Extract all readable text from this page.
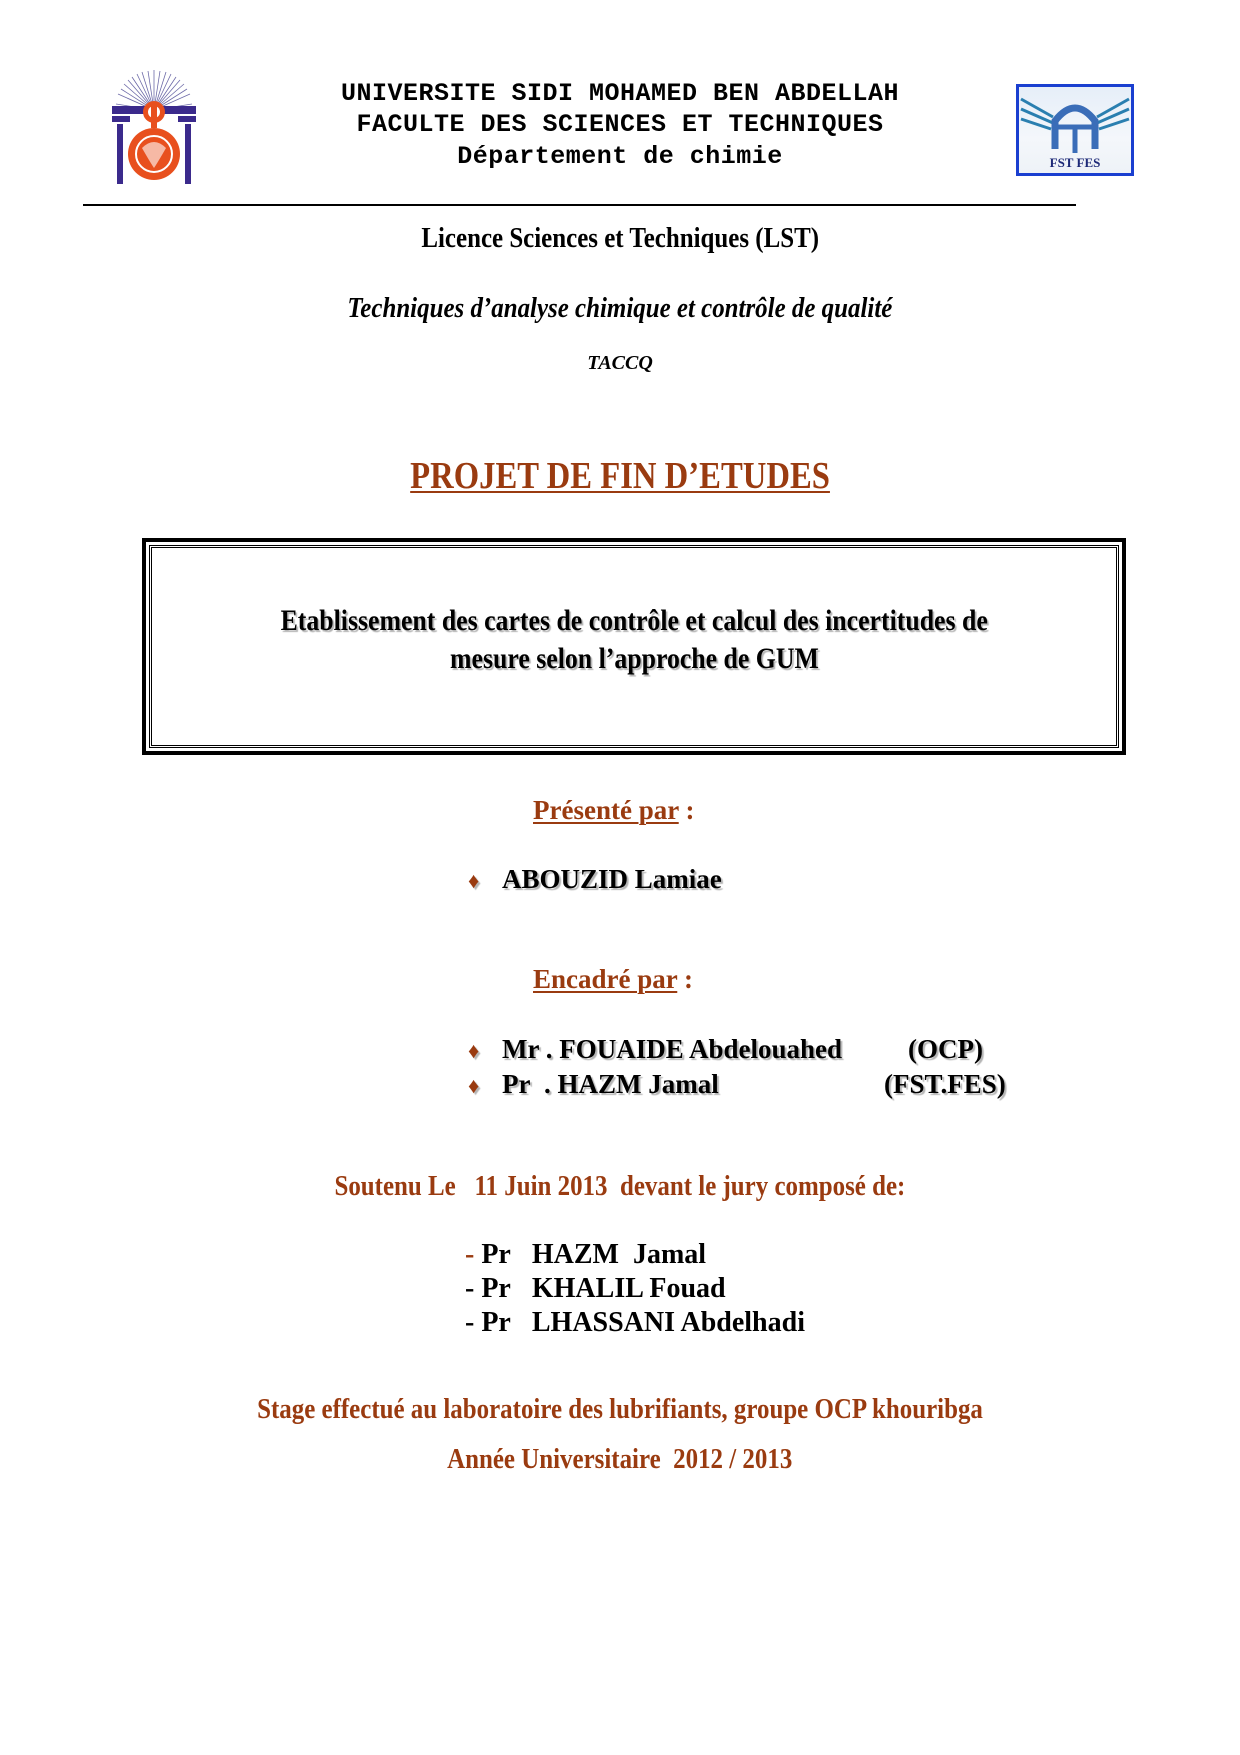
UNIVERSITE SIDI MOHAMED BEN ABDELLAH
FACULTE DES SCIENCES ET TECHNIQUES
Département de chimie	FST FES
Licence Sciences et Techniques (LST)
Techniques d’analyse chimique et contrôle de qualité
TACCQ
PROJET DE FIN D’ETUDES
Etablissement des cartes de contrôle et calcul des incertitudes de
mesure selon l’approche de GUM
Présenté par :
♦ ABOUZID Lamiae
Encadré par :
♦ Mr . FOUAIDE Abdelouahed (OCP)
♦ Pr  . HAZM Jamal	(FST.FES)
Soutenu Le 11 Juin 2013 devant le jury composé de:
- Pr HAZM  Jamal
- Pr KHALIL Fouad
- Pr LHASSANI Abdelhadi
Stage effectué au laboratoire des lubrifiants, groupe OCP khouribga
Année Universitaire 2012 / 2013
